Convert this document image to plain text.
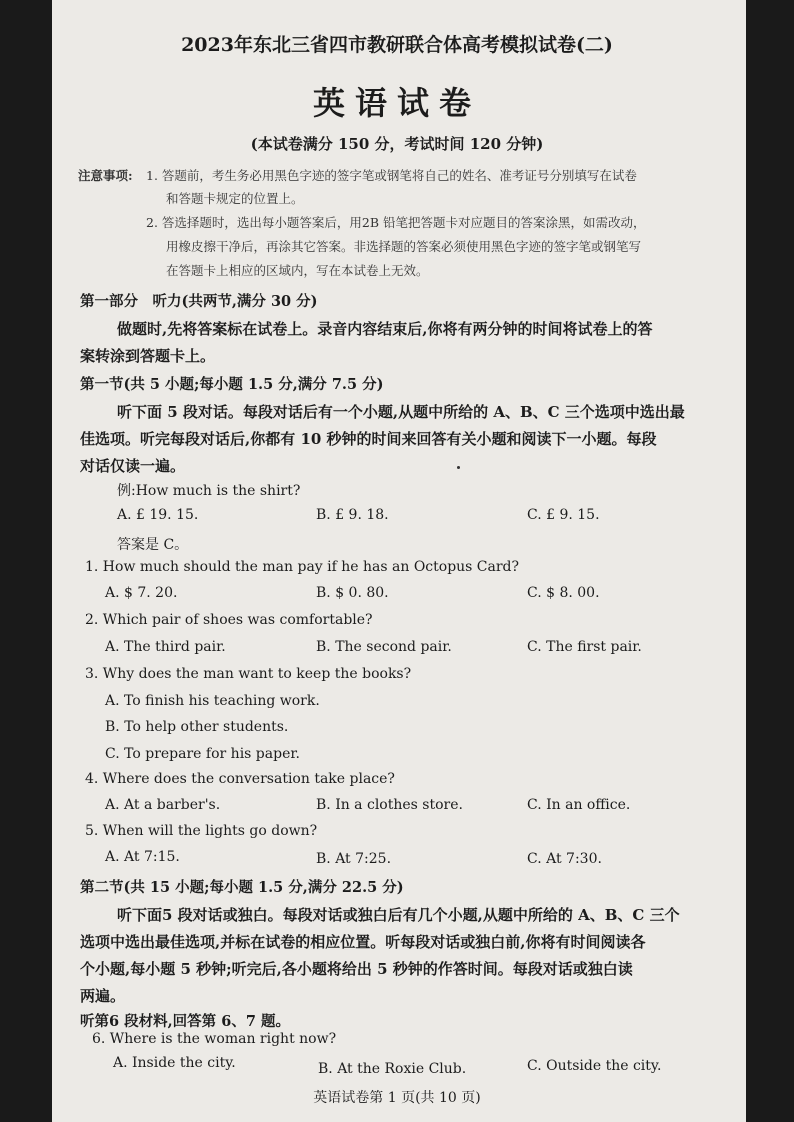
2023年东北三省四市教研联合体高考模拟试卷(二)
英语试卷
(本试卷满分 150 分，考试时间 120 分钟)
注意事项: 1. 答题前，考生务必用黑色字迹的签字笔或钢笔将自己的姓名、准考证号分别填写在试卷
和答题卡规定的位置上。
2. 答选择题时，选出每小题答案后，用2B 铅笔把答题卡对应题目的答案涂黑，如需改动，
用橡皮擦干净后，再涂其它答案。非选择题的答案必须使用黑色字迹的签字笔或钢笔写
在答题卡上相应的区域内，写在本试卷上无效。
第一部分　听力(共两节,满分 30 分)
做题时,先将答案标在试卷上。录音内容结束后,你将有两分钟的时间将试卷上的答
案转涂到答题卡上。
第一节(共 5 小题;每小题 1.5 分,满分 7.5 分)
听下面 5 段对话。每段对话后有一个小题,从题中所给的 A、B、C 三个选项中选出最
佳选项。听完每段对话后,你都有 10 秒钟的时间来回答有关小题和阅读下一小题。每段
对话仅读一遍。
例:How much is the shirt?
A. £ 19. 15.	B. £ 9. 18.	C. £ 9. 15.
答案是 C。
1. How much should the man pay if he has an Octopus Card?
A. $ 7. 20.	B. $ 0. 80.	C. $ 8. 00.
2. Which pair of shoes was comfortable?
A. The third pair.	B. The second pair.	C. The first pair.
3. Why does the man want to keep the books?
A. To finish his teaching work.
B. To help other students.
C. To prepare for his paper.
4. Where does the conversation take place?
A. At a barber's.	B. In a clothes store.	C. In an office.
5. When will the lights go down?
A. At 7:15.	B. At 7:25.	C. At 7:30.
第二节(共 15 小题;每小题 1.5 分,满分 22.5 分)
听下面5 段对话或独白。每段对话或独白后有几个小题,从题中所给的 A、B、C 三个
选项中选出最佳选项,并标在试卷的相应位置。听每段对话或独白前,你将有时间阅读各
个小题,每小题 5 秒钟;听完后,各小题将给出 5 秒钟的作答时间。每段对话或独白读
两遍。
听第6 段材料,回答第 6、7 题。
6. Where is the woman right now?
A. Inside the city.	B. At the Roxie Club.	C. Outside the city.
英语试卷第 1 页(共 10 页)
